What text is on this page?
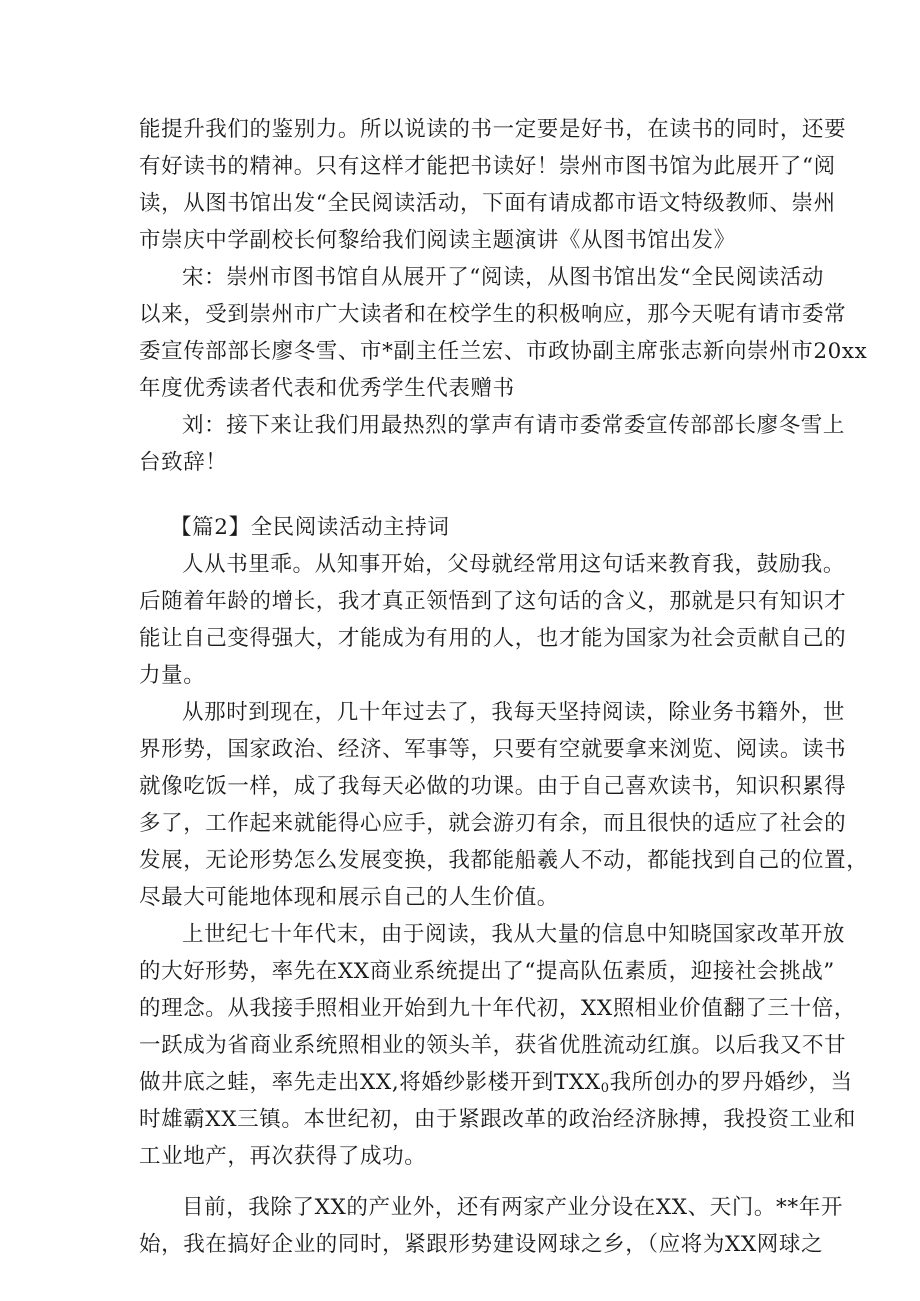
能提升我们的鉴别力。所以说读的书一定要是好书，在读书的同时，还要
有好读书的精神。只有这样才能把书读好！崇州市图书馆为此展开了“阅
读，从图书馆出发“全民阅读活动，下面有请成都市语文特级教师、崇州
市崇庆中学副校长何黎给我们阅读主题演讲《从图书馆出发》
宋：崇州市图书馆自从展开了“阅读，从图书馆出发“全民阅读活动
以来，受到崇州市广大读者和在校学生的积极响应，那今天呢有请市委常
委宣传部部长廖冬雪、市*副主任兰宏、市政协副主席张志新向崇州市20xx
年度优秀读者代表和优秀学生代表赠书
刘：接下来让我们用最热烈的掌声有请市委常委宣传部部长廖冬雪上
台致辞！
【篇2】全民阅读活动主持词
人从书里乖。从知事开始，父母就经常用这句话来教育我，鼓励我。
后随着年龄的增长，我才真正领悟到了这句话的含义，那就是只有知识才
能让自己变得强大，才能成为有用的人，也才能为国家为社会贡献自己的
力量。
从那时到现在，几十年过去了，我每天坚持阅读，除业务书籍外，世
界形势，国家政治、经济、军事等，只要有空就要拿来浏览、阅读。读书
就像吃饭一样，成了我每天必做的功课。由于自己喜欢读书，知识积累得
多了，工作起来就能得心应手，就会游刃有余，而且很快的适应了社会的
发展，无论形势怎么发展变换，我都能船羲人不动，都能找到自己的位置，
尽最大可能地体现和展示自己的人生价值。
上世纪七十年代末，由于阅读，我从大量的信息中知晓国家改革开放
的大好形势，率先在XX商业系统提出了“提高队伍素质，迎接社会挑战”
的理念。从我接手照相业开始到九十年代初，XX照相业价值翻了三十倍，
一跃成为省商业系统照相业的领头羊，获省优胜流动红旗。以后我又不甘
做井底之蛙，率先走出XX,将婚纱影楼开到$TXX_0$我所创办的罗丹婚纱，当
时雄霸XX三镇。本世纪初，由于紧跟改革的政治经济脉搏，我投资工业和
工业地产，再次获得了成功。
目前，我除了XX的产业外，还有两家产业分设在XX、天门。**年开
始，我在搞好企业的同时，紧跟形势建设网球之乡，（应将为XX网球之
